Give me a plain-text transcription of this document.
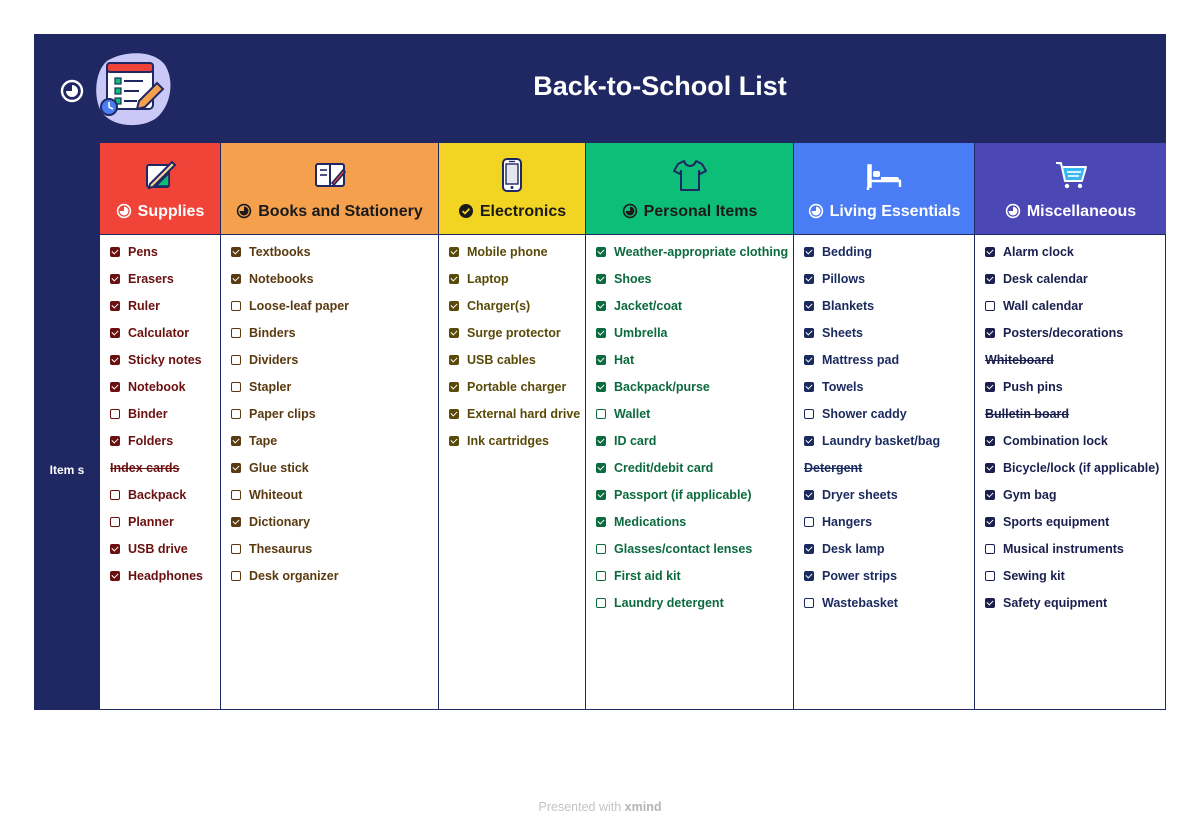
Back-to-School List
Item s
Supplies
Pens
Erasers
Ruler
Calculator
Sticky notes
Notebook
Binder
Folders
Index cards
Backpack
Planner
USB drive
Headphones
Books and Stationery
Textbooks
Notebooks
Loose-leaf paper
Binders
Dividers
Stapler
Paper clips
Tape
Glue stick
Whiteout
Dictionary
Thesaurus
Desk organizer
Electronics
Mobile phone
Laptop
Charger(s)
Surge protector
USB cables
Portable charger
External hard drive
Ink cartridges
Personal Items
Weather-appropriate clothing
Shoes
Jacket/coat
Umbrella
Hat
Backpack/purse
Wallet
ID card
Credit/debit card
Passport (if applicable)
Medications
Glasses/contact lenses
First aid kit
Laundry detergent
Living Essentials
Bedding
Pillows
Blankets
Sheets
Mattress pad
Towels
Shower caddy
Laundry basket/bag
Detergent
Dryer sheets
Hangers
Desk lamp
Power strips
Wastebasket
Miscellaneous
Alarm clock
Desk calendar
Wall calendar
Posters/decorations
Whiteboard
Push pins
Bulletin board
Combination lock
Bicycle/lock (if applicable)
Gym bag
Sports equipment
Musical instruments
Sewing kit
Safety equipment
Presented with xmind
